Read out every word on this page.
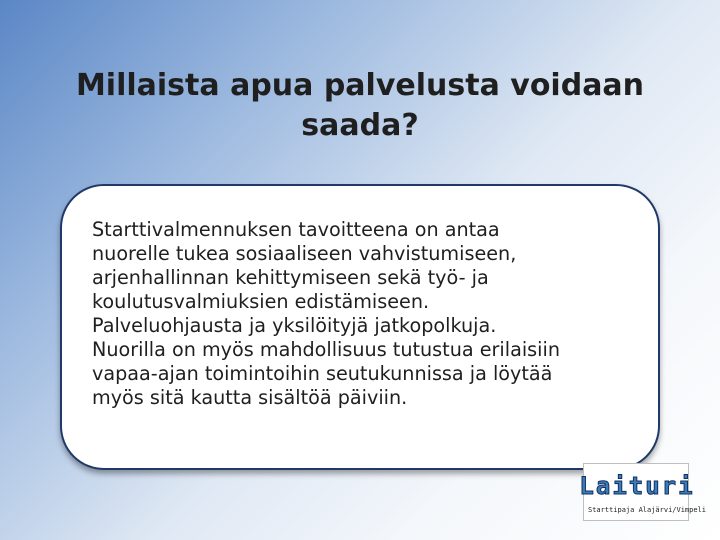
Millaista apua palvelusta voidaan
saada?
Starttivalmennuksen tavoitteena on antaa
nuorelle tukea sosiaaliseen vahvistumiseen,
arjenhallinnan kehittymiseen sekä työ- ja
koulutusvalmiuksien edistämiseen.
Palveluohjausta ja yksilöityjä jatkopolkuja.
Nuorilla on myös mahdollisuus tutustua erilaisiin
vapaa-ajan toimintoihin seutukunnissa ja löytää
myös sitä kautta sisältöä päiviin.
Laituri
Starttipaja Alajärvi/Vimpeli
